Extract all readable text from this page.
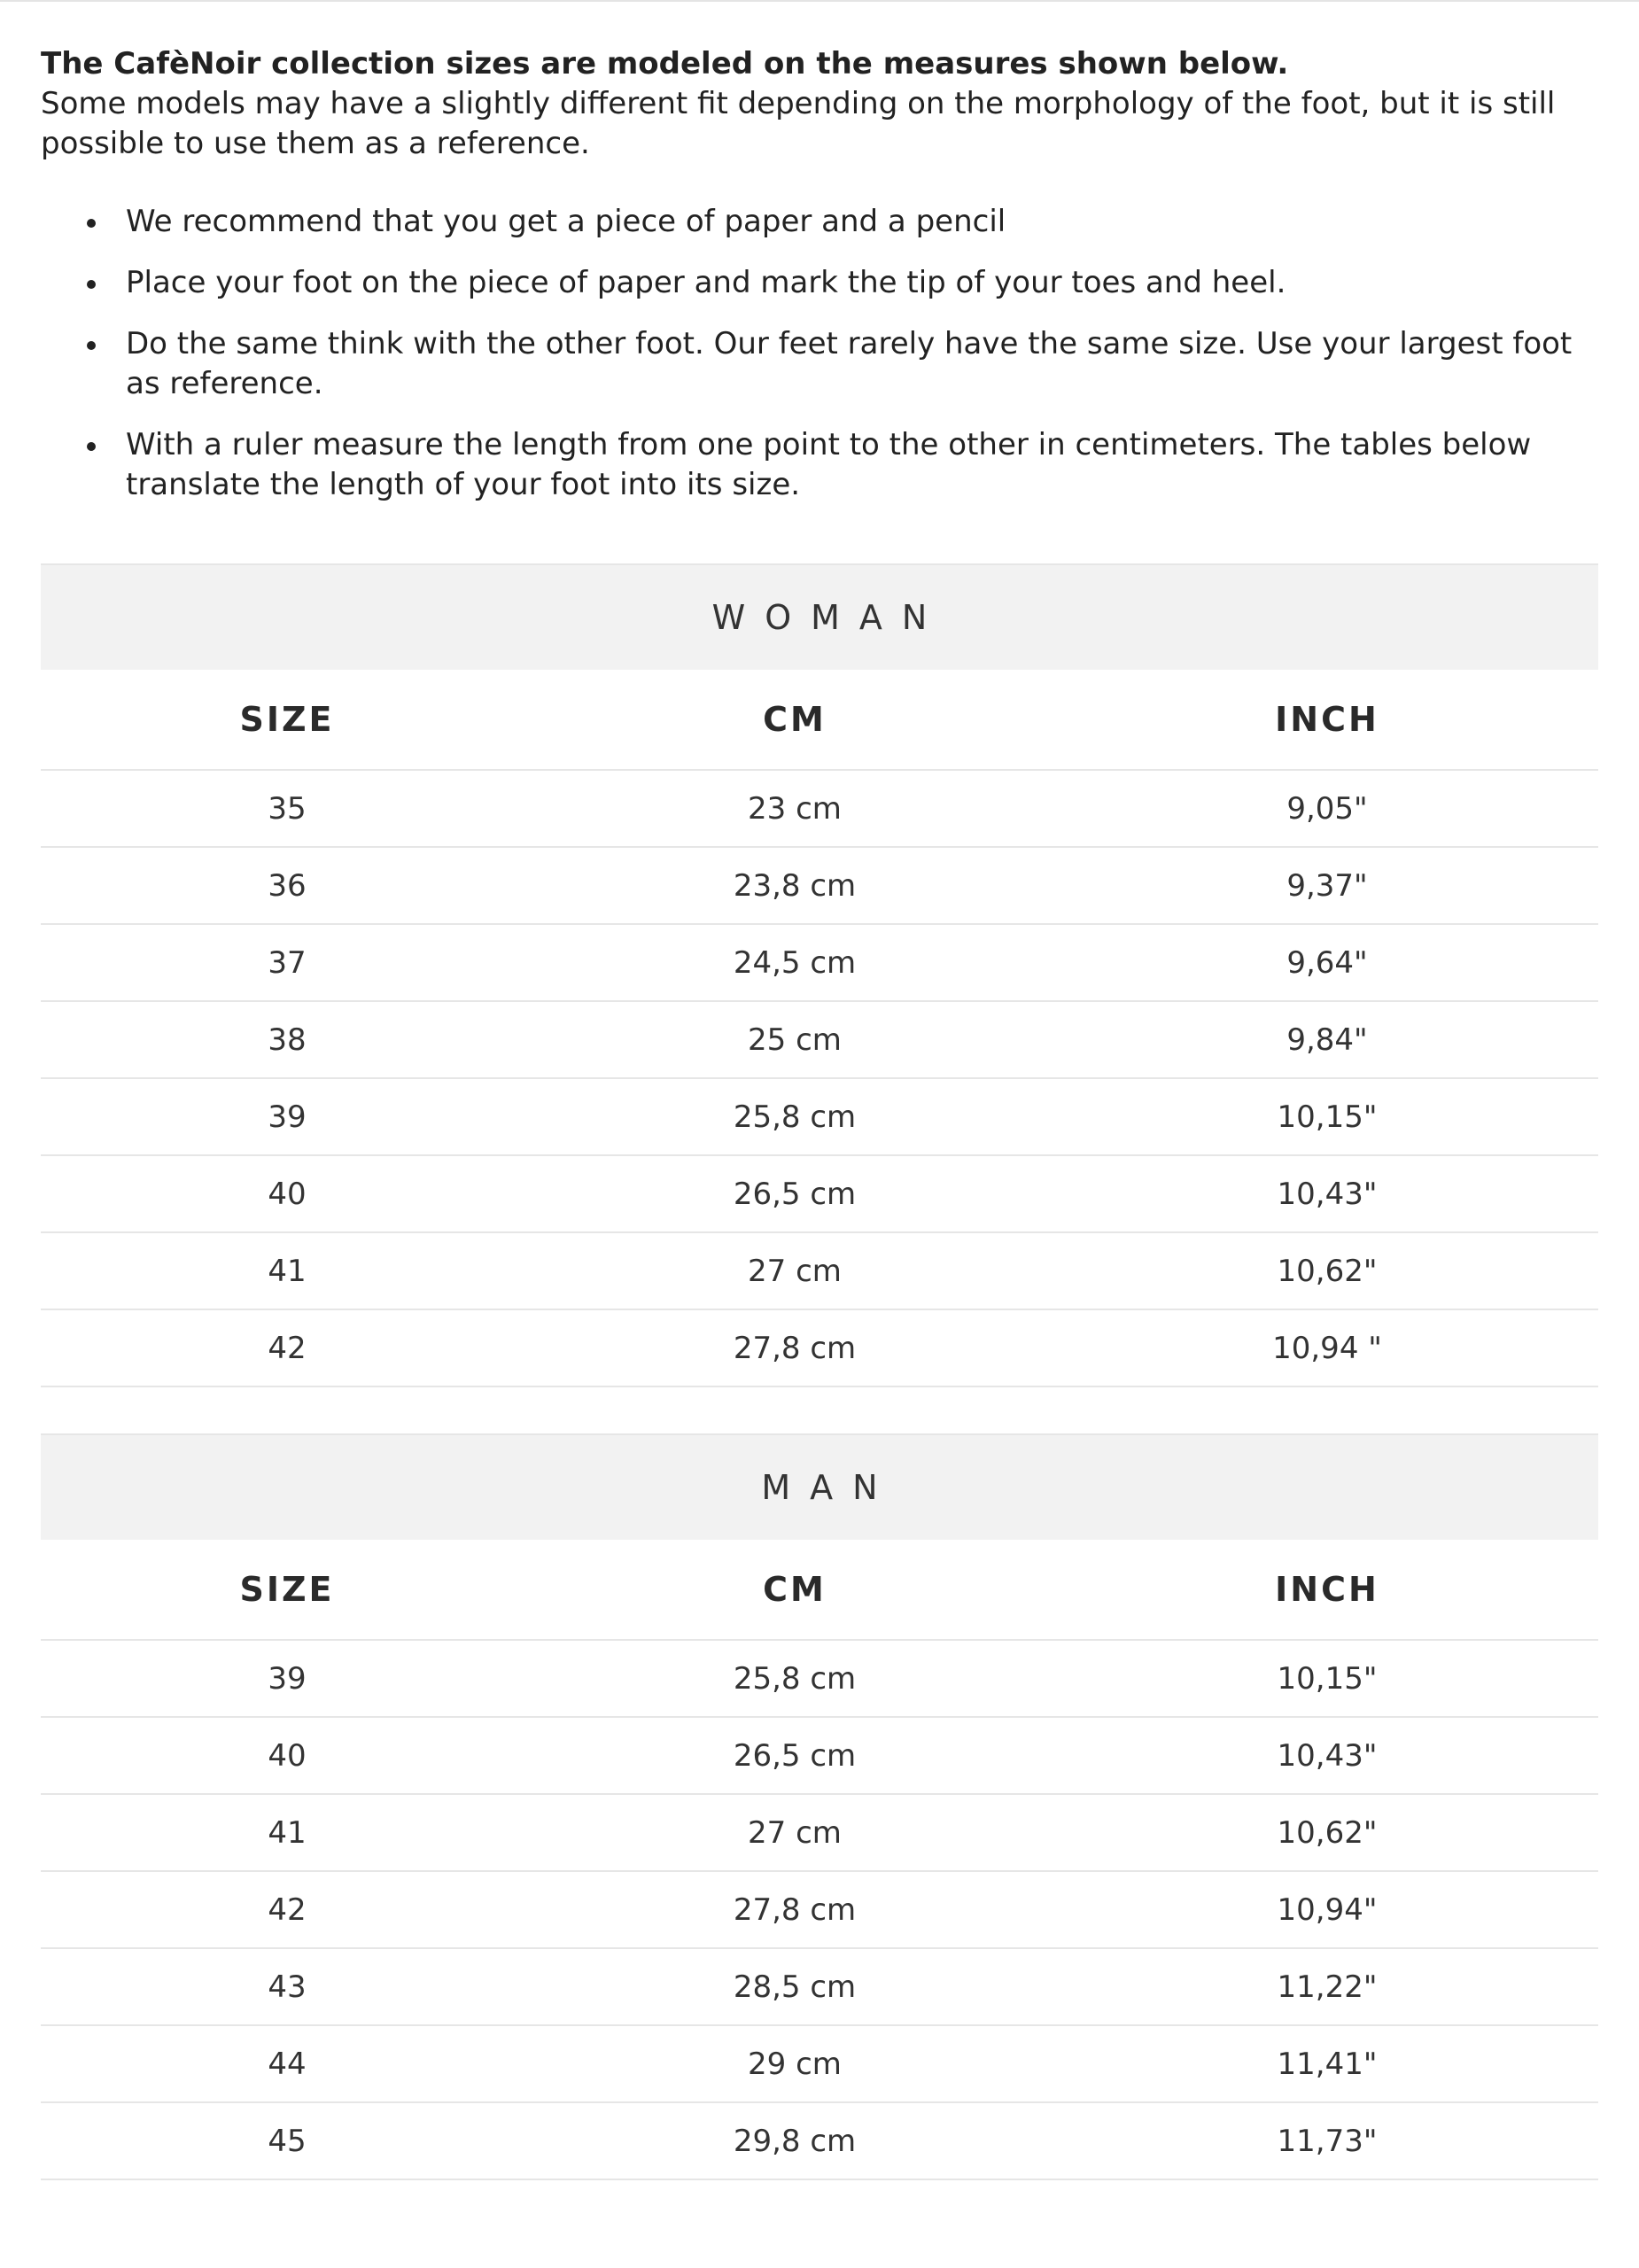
The CafèNoir collection sizes are modeled on the measures shown below.

Some models may have a slightly different fit depending on the morphology of the foot, but it is still possible to use them as a reference.

We recommend that you get a piece of paper and a pencil
Place your foot on the piece of paper and mark the tip of your toes and heel.
Do the same think with the other foot. Our feet rarely have the same size. Use your largest foot as reference.
With a ruler measure the length from one point to the other in centimeters. The tables below translate the length of your foot into its size.
WOMAN
SIZE	CM	INCH
35	23 cm	9,05"
36	23,8 cm	9,37"
37	24,5 cm	9,64"
38	25 cm	9,84"
39	25,8 cm	10,15"
40	26,5 cm	10,43"
41	27 cm	10,62"
42	27,8 cm	10,94 "
MAN
SIZE	CM	INCH
39	25,8 cm	10,15"
40	26,5 cm	10,43"
41	27 cm	10,62"
42	27,8 cm	10,94"
43	28,5 cm	11,22"
44	29 cm	11,41"
45	29,8 cm	11,73"
